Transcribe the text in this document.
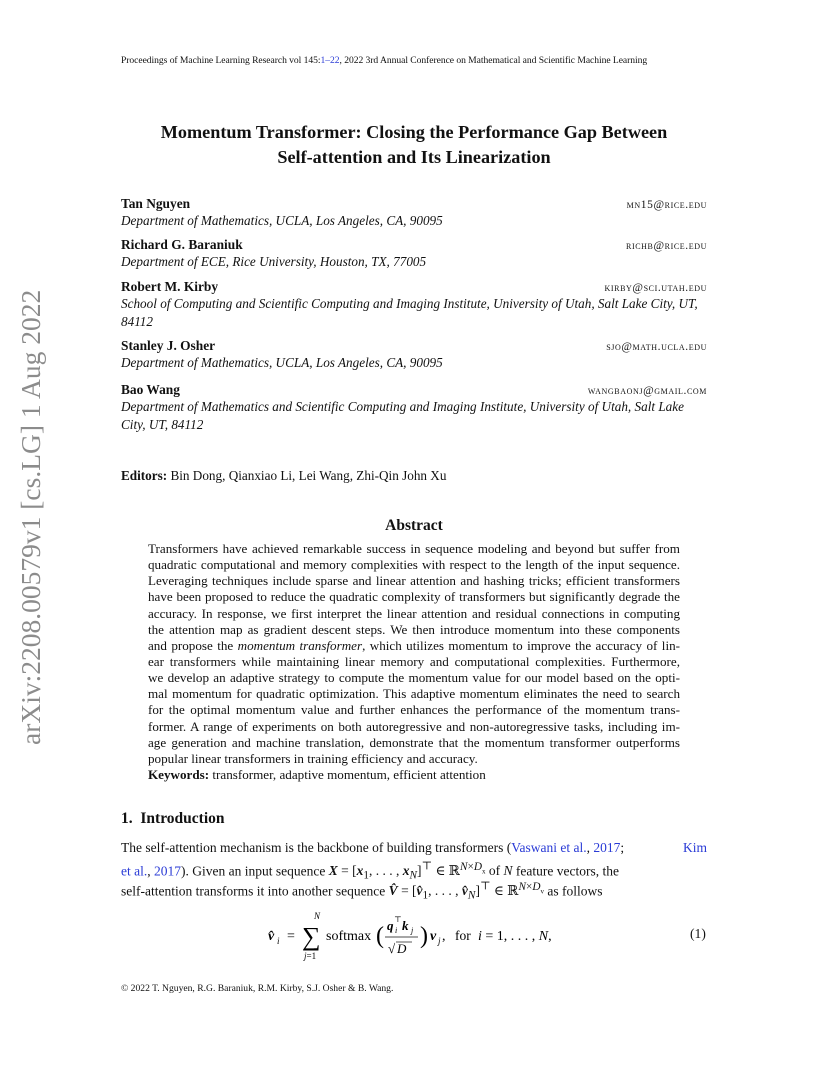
Proceedings of Machine Learning Research vol 145:1–22, 2022 3rd Annual Conference on Mathematical and Scientific Machine Learning
arXiv:2208.00579v1 [cs.LG] 1 Aug 2022
Momentum Transformer: Closing the Performance Gap Between
Self-attention and Its Linearization
Tan Nguyen	mn15@rice.edu
Department of Mathematics, UCLA, Los Angeles, CA, 90095
Richard G. Baraniuk	richb@rice.edu
Department of ECE, Rice University, Houston, TX, 77005
Robert M. Kirby	kirby@sci.utah.edu
School of Computing and Scientific Computing and Imaging Institute, University of Utah, Salt Lake City, UT,
84112
Stanley J. Osher	sjo@math.ucla.edu
Department of Mathematics, UCLA, Los Angeles, CA, 90095
Bao Wang	wangbaonj@gmail.com
Department of Mathematics and Scientific Computing and Imaging Institute, University of Utah, Salt Lake
City, UT, 84112
Editors: Bin Dong, Qianxiao Li, Lei Wang, Zhi-Qin John Xu
Abstract
Transformers have achieved remarkable success in sequence modeling and beyond but suffer from
quadratic computational and memory complexities with respect to the length of the input sequence.
Leveraging techniques include sparse and linear attention and hashing tricks; efficient transformers
have been proposed to reduce the quadratic complexity of transformers but significantly degrade the
accuracy. In response, we first interpret the linear attention and residual connections in computing
the attention map as gradient descent steps. We then introduce momentum into these components
and propose the momentum transformer, which utilizes momentum to improve the accuracy of lin-
ear transformers while maintaining linear memory and computational complexities. Furthermore,
we develop an adaptive strategy to compute the momentum value for our model based on the opti-
mal momentum for quadratic optimization. This adaptive momentum eliminates the need to search
for the optimal momentum value and further enhances the performance of the momentum trans-
former. A range of experiments on both autoregressive and non-autoregressive tasks, including im-
age generation and machine translation, demonstrate that the momentum transformer outperforms
popular linear transformers in training efficiency and accuracy.
Keywords: transformer, adaptive momentum, efficient attention
1. Introduction
The self-attention mechanism is the backbone of building transformers (Vaswani et al., 2017;	Kim
et al., 2017). Given an input sequence $X = [x_1$, . . . , $x_N]^⊤$ ∈ ℝ$^{N\times D_x}$ of N feature vectors, the
self-attention transforms it into another sequence V̂ = [$v̂_1$, . . . , $v̂_N]^⊤$ ∈ ℝ$^{N\times D_v}$ as follows
v̂ i =
N
∑
j=1
softmax ( q ⊤
i k j
√ D ) v j , for i = 1, . . . , N,	(1)
© 2022 T. Nguyen, R.G. Baraniuk, R.M. Kirby, S.J. Osher & B. Wang.
